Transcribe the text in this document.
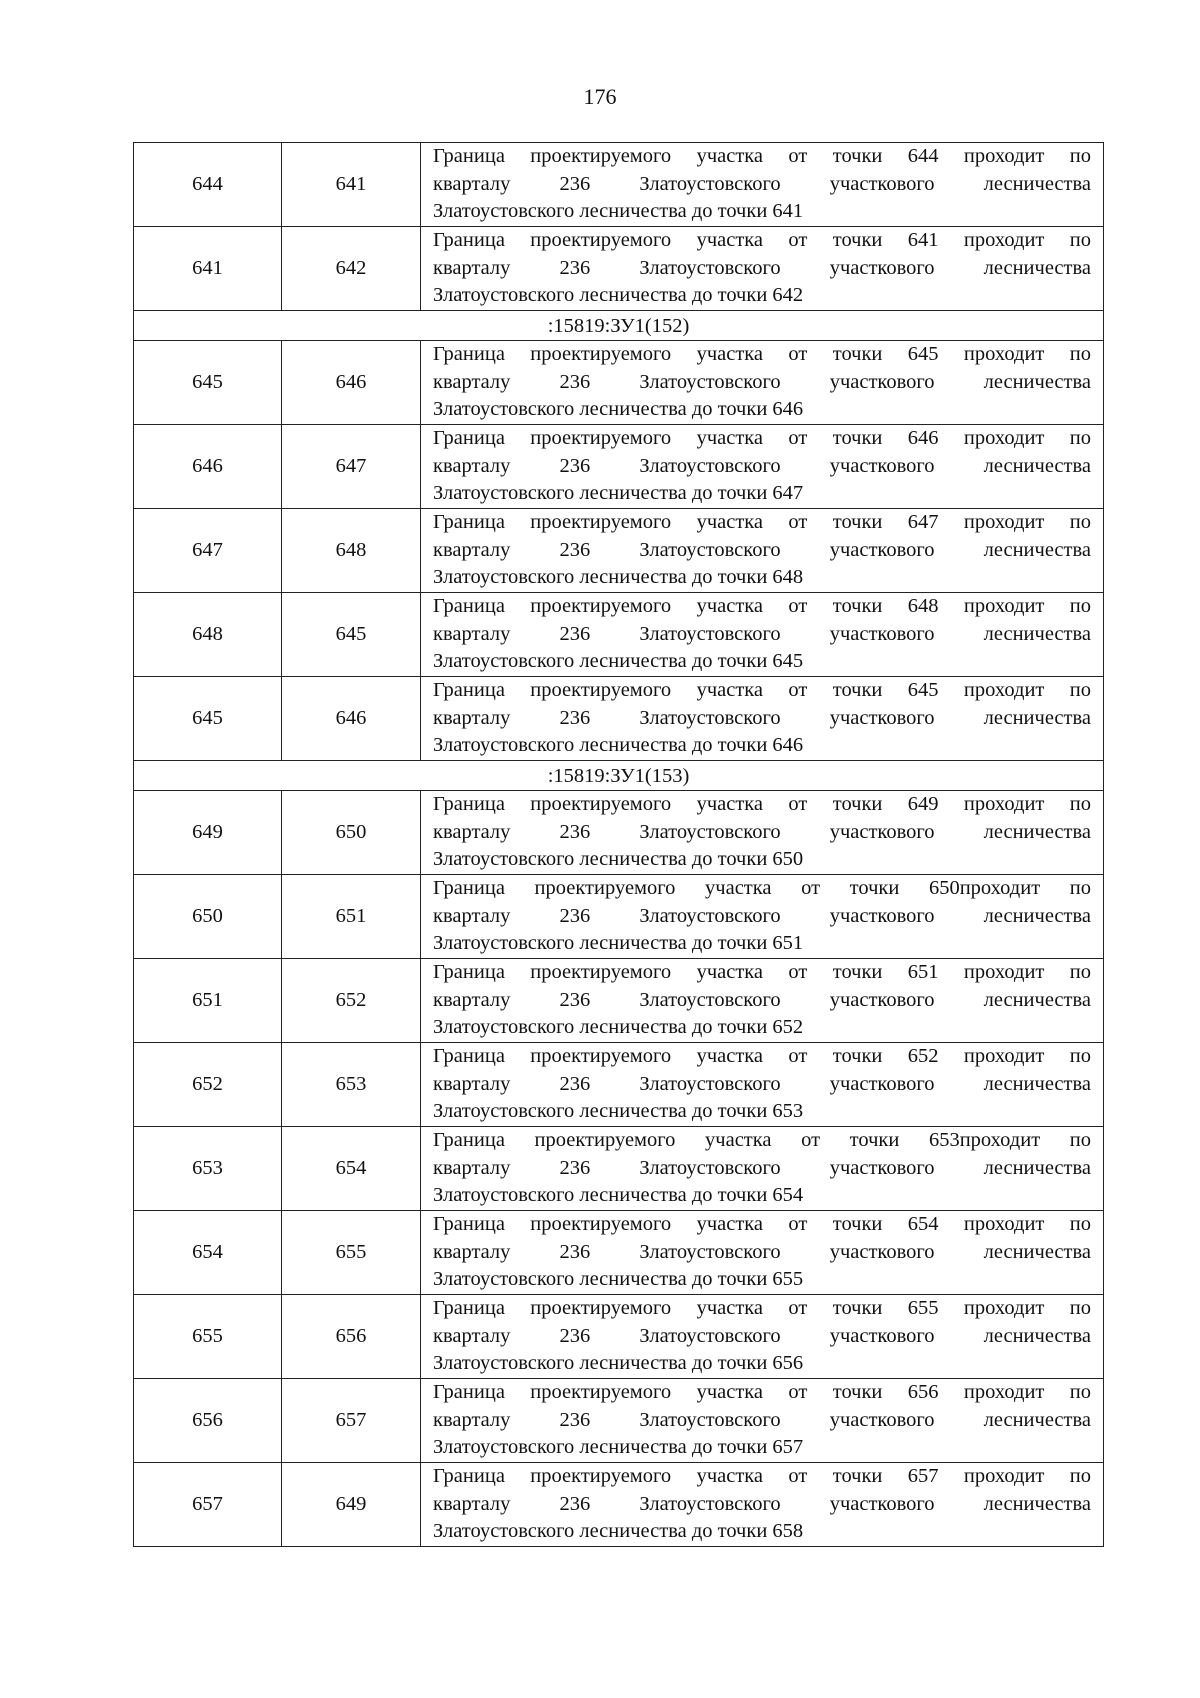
176
644	641	Граница проектируемого участка от точки 644 проходит по
кварталу 236 Златоустовского участкового лесничества
Златоустовского лесничества до точки 641

641	642	Граница проектируемого участка от точки 641 проходит по
кварталу 236 Златоустовского участкового лесничества
Златоустовского лесничества до точки 642

:15819:ЗУ1(152)		
645	646	Граница проектируемого участка от точки 645 проходит по
кварталу 236 Златоустовского участкового лесничества
Златоустовского лесничества до точки 646

646	647	Граница проектируемого участка от точки 646 проходит по
кварталу 236 Златоустовского участкового лесничества
Златоустовского лесничества до точки 647

647	648	Граница проектируемого участка от точки 647 проходит по
кварталу 236 Златоустовского участкового лесничества
Златоустовского лесничества до точки 648

648	645	Граница проектируемого участка от точки 648 проходит по
кварталу 236 Златоустовского участкового лесничества
Златоустовского лесничества до точки 645

645	646	Граница проектируемого участка от точки 645 проходит по
кварталу 236 Златоустовского участкового лесничества
Златоустовского лесничества до точки 646

:15819:ЗУ1(153)		
649	650	Граница проектируемого участка от точки 649 проходит по
кварталу 236 Златоустовского участкового лесничества
Златоустовского лесничества до точки 650

650	651	Граница проектируемого участка от точки 650проходит по
кварталу 236 Златоустовского участкового лесничества
Златоустовского лесничества до точки 651

651	652	Граница проектируемого участка от точки 651 проходит по
кварталу 236 Златоустовского участкового лесничества
Златоустовского лесничества до точки 652

652	653	Граница проектируемого участка от точки 652 проходит по
кварталу 236 Златоустовского участкового лесничества
Златоустовского лесничества до точки 653

653	654	Граница проектируемого участка от точки 653проходит по
кварталу 236 Златоустовского участкового лесничества
Златоустовского лесничества до точки 654

654	655	Граница проектируемого участка от точки 654 проходит по
кварталу 236 Златоустовского участкового лесничества
Златоустовского лесничества до точки 655

655	656	Граница проектируемого участка от точки 655 проходит по
кварталу 236 Златоустовского участкового лесничества
Златоустовского лесничества до точки 656

656	657	Граница проектируемого участка от точки 656 проходит по
кварталу 236 Златоустовского участкового лесничества
Златоустовского лесничества до точки 657

657	649	Граница проектируемого участка от точки 657 проходит по
кварталу 236 Златоустовского участкового лесничества
Златоустовского лесничества до точки 658
